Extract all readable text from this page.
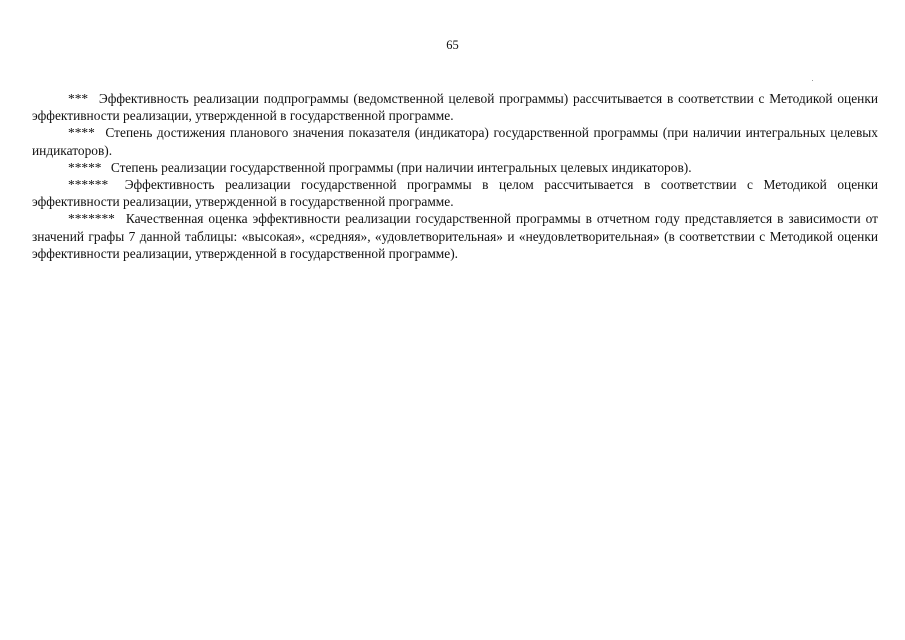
65

*** Эффективность реализации подпрограммы (ведомственной целевой программы) рассчитывается в соответствии с Методикой оценки эффективности реализации, утвержденной в государственной программе.

**** Степень достижения планового значения показателя (индикатора) государственной программы (при наличии интегральных целевых индикаторов).

***** Степень реализации государственной программы (при наличии интегральных целевых индикаторов).

****** Эффективность реализации государственной программы в целом рассчитывается в соответствии с Методикой оценки эффективности реализации, утвержденной в государственной программе.

******* Качественная оценка эффективности реализации государственной программы в отчетном году представляется в зависимости от значений графы 7 данной таблицы: «высокая», «средняя», «удовлетворительная» и «неудовлетворительная» (в соответствии с Методикой оценки эффективности реализации, утвержденной в государственной программе).
